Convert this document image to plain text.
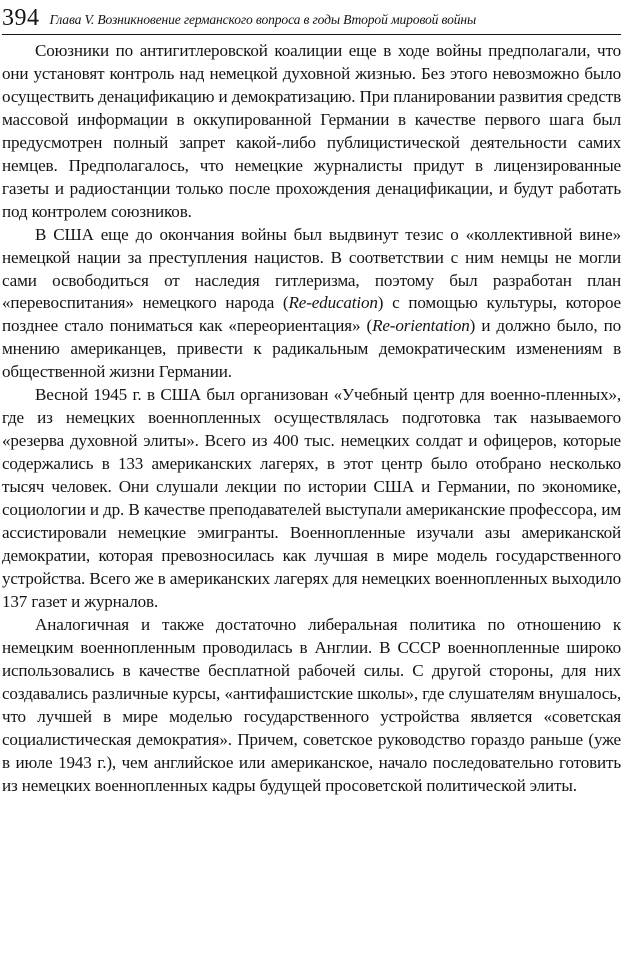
394 Глава V. Возникновение германского вопроса в годы Второй мировой войны

Союзники по антигитлеровской коалиции еще в ходе войны предполагали, что они установят контроль над немецкой духовной жизнью. Без этого невозможно было осуществить денацификацию и демократизацию. При планировании развития средств массовой информации в оккупированной Германии в качестве первого шага был предусмотрен полный запрет какой-либо публицистической деятельности самих немцев. Предполагалось, что немецкие журналисты придут в лицензированные газеты и радиостанции только после прохождения денацификации, и будут работать под контролем союзников.

В США еще до окончания войны был выдвинут тезис о «коллективной вине» немецкой нации за преступления нацистов. В соответствии с ним немцы не могли сами освободиться от наследия гитлеризма, поэтому был разработан план «перевоспитания» немецкого народа (Re-education) с помощью культуры, которое позднее стало пониматься как «переориентация» (Re-orientation) и должно было, по мнению американцев, привести к радикальным демократическим изменениям в общественной жизни Германии.

Весной 1945 г. в США был организован «Учебный центр для военно-пленных», где из немецких военнопленных осуществлялась подготовка так называемого «резерва духовной элиты». Всего из 400 тыс. немецких солдат и офицеров, которые содержались в 133 американских лагерях, в этот центр было отобрано несколько тысяч человек. Они слушали лекции по истории США и Германии, по экономике, социологии и др. В качестве преподавателей выступали американские профессора, им ассистировали немецкие эмигранты. Военнопленные изучали азы американской демократии, которая превозносилась как лучшая в мире модель государственного устройства. Всего же в американских лагерях для немецких военнопленных выходило 137 газет и журналов.

Аналогичная и также достаточно либеральная политика по отношению к немецким военнопленным проводилась в Англии. В СССР военнопленные широко использовались в качестве бесплатной рабочей силы. С другой стороны, для них создавались различные курсы, «антифашистские школы», где слушателям внушалось, что лучшей в мире моделью государственного устройства является «советская социалистическая демократия». Причем, советское руководство гораздо раньше (уже в июле 1943 г.), чем английское или американское, начало последовательно готовить из немецких военнопленных кадры будущей просоветской политической элиты.
